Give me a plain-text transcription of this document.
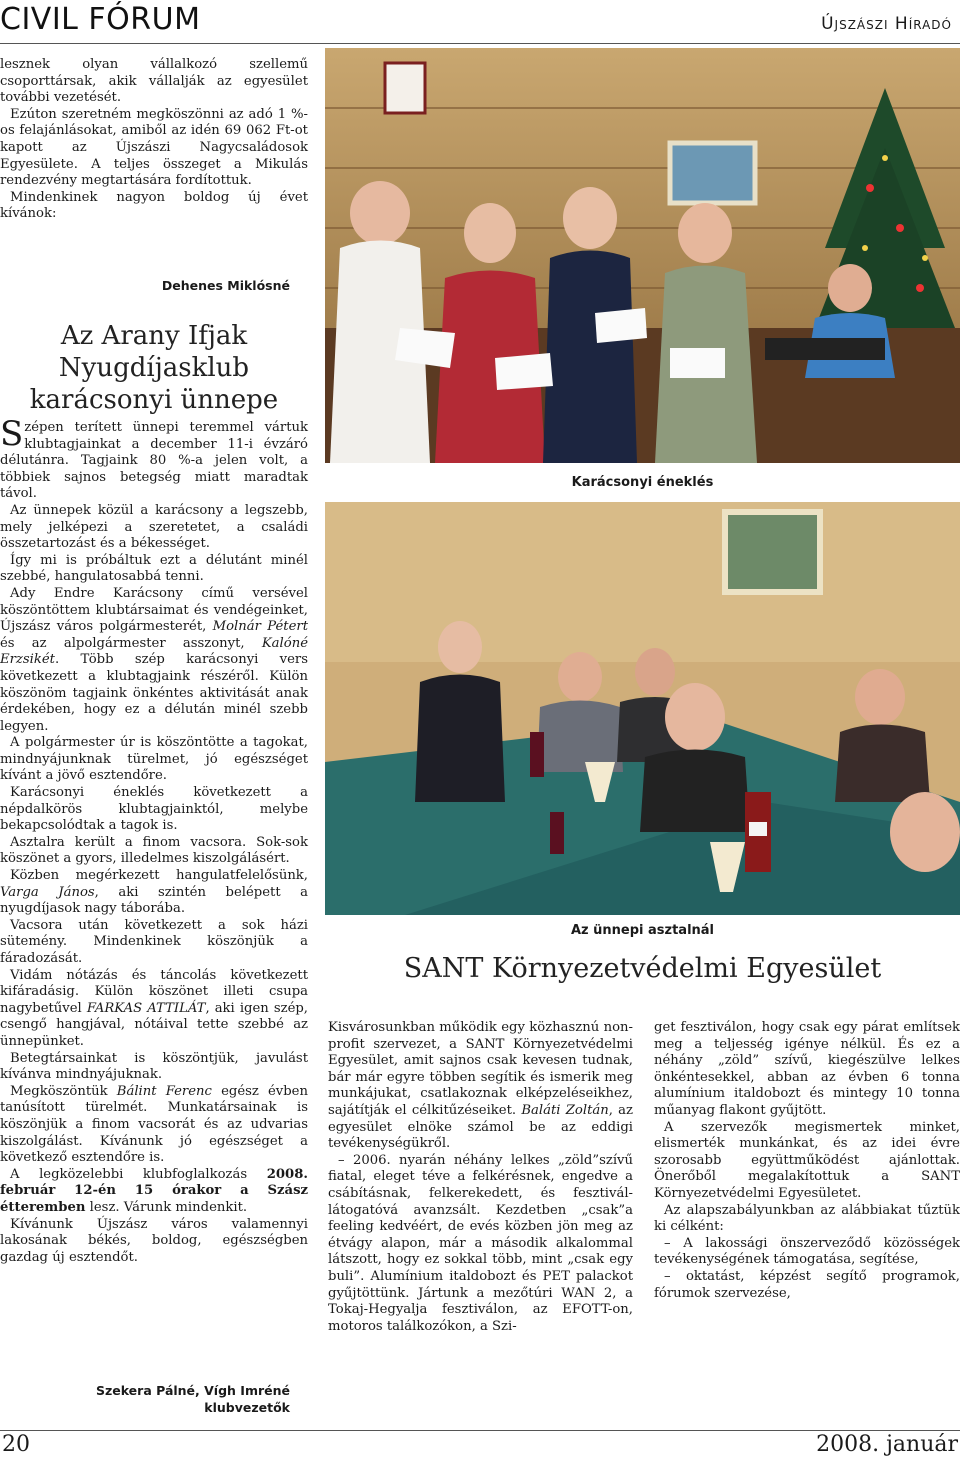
CIVIL FÓRUM	Újszászi Híradó

lesznek olyan vállalkozó szellemű csoporttársak, akik vállalják az egyesület további vezetését.

Ezúton szeretném megköszönni az adó 1 %-os felajánlásokat, amiből az idén 69 062 Ft-ot kapott az Újszászi Nagycsaládosok Egyesülete. A teljes összeget a Mikulás rendezvény megtartására fordítottuk.

Mindenkinek nagyon boldog új évet kívánok:

Dehenes Miklósné
Az Arany Ifjak Nyugdíjasklub karácsonyi ünnepe

Szépen terített ünnepi teremmel vártuk klubtagjainkat a december 11-i évzáró délutánra. Tagjaink 80 %-a jelen volt, a többiek sajnos betegség miatt maradtak távol.

Az ünnepek közül a karácsony a legszebb, mely jelképezi a szeretetet, a családi összetartozást és a békességet.

Így mi is próbáltuk ezt a délutánt minél szebbé, hangulatosabbá tenni.

Ady Endre Karácsony című versével köszöntöttem klubtársaimat és vendégeinket, Újszász város polgármesterét, Molnár Pétert és az alpolgármester asszonyt, Kalóné Erzsikét. Több szép karácsonyi vers következett a klubtagjaink részéről. Külön köszönöm tagjaink önkéntes aktivitását anak érdekében, hogy ez a délután minél szebb legyen.

A polgármester úr is köszöntötte a tagokat, mindnyájunknak türelmet, jó egészséget kívánt a jövő esztendőre.

Karácsonyi éneklés következett a népdalkörös klubtagjainktól, melybe bekapcsolódtak a tagok is.

Asztalra került a finom vacsora. Sok-sok köszönet a gyors, illedelmes kiszolgálásért.

Közben megérkezett hangulatfelelősünk, Varga János, aki szintén belépett a nyugdíjasok nagy táborába.

Vacsora után következett a sok házi sütemény. Mindenkinek köszönjük a fáradozását.

Vidám nótázás és táncolás következett kifáradásig. Külön köszönet illeti csupa nagybetűvel FARKAS ATTILÁT, aki igen szép, csengő hangjával, nótáival tette szebbé az ünnepünket.

Betegtársainkat is köszöntjük, javulást kívánva mindnyájuknak.

Megköszöntük Bálint Ferenc egész évben tanúsított türelmét. Munkatársainak is köszönjük a finom vacsorát és az udvarias kiszolgálást. Kívánunk jó egészséget a következő esztendőre is.

A legközelebbi klubfoglalkozás 2008. február 12-én 15 órakor a Szász étteremben lesz. Várunk mindenkit.

Kívánunk Újszász város valamennyi lakosának békés, boldog, egészségben gazdag új esztendőt.

Szekera Pálné, Vígh Imréné
klubvezetők
Karácsonyi éneklés
Az ünnepi asztalnál
SANT Környezetvédelmi Egyesület

Kisvárosunkban működik egy közhasznú non-profit szervezet, a SANT Környezetvédelmi Egyesület, amit sajnos csak kevesen tudnak, bár már egyre többen segítik és ismerik meg munkájukat, csatlakoznak elképzeléseikhez, sajátítják el célkitűzéseiket. Baláti Zoltán, az egyesület elnöke számol be az eddigi tevékenységükről.

– 2006. nyarán néhány lelkes „zöld”szívű fiatal, eleget téve a felkérésnek, engedve a csábításnak, felkerekedett, és fesztivál-látogatóvá avanzsált. Kezdetben „csak”a feeling kedvéért, de evés közben jön meg az étvágy alapon, már a második alkalommal látszott, hogy ez sokkal több, mint „csak egy buli”. Alumínium italdobozt és PET palackot gyűjtöttünk. Jártunk a mezőtúri WAN 2, a Tokaj-Hegyalja fesztiválon, az EFOTT-on, motoros találkozókon, a Szi-

get fesztiválon, hogy csak egy párat említsek meg a teljesség igénye nélkül. És ez a néhány „zöld” szívű, kiegészülve lelkes önkéntesekkel, abban az évben 6 tonna alumínium italdobozt és mintegy 10 tonna műanyag flakont gyűjtött.

A szervezők megismertek minket, elismerték munkánkat, és az idei évre szorosabb együttműködést ajánlottak. Önerőből megalakítottuk a SANT Környezetvédelmi Egyesületet.

Az alapszabályunkban az alábbiakat tűztük ki célként:

– A lakossági önszerveződő közösségek tevékenységének támogatása, segítése,

– oktatást, képzést segítő programok, fórumok szervezése,

20	2008. január
